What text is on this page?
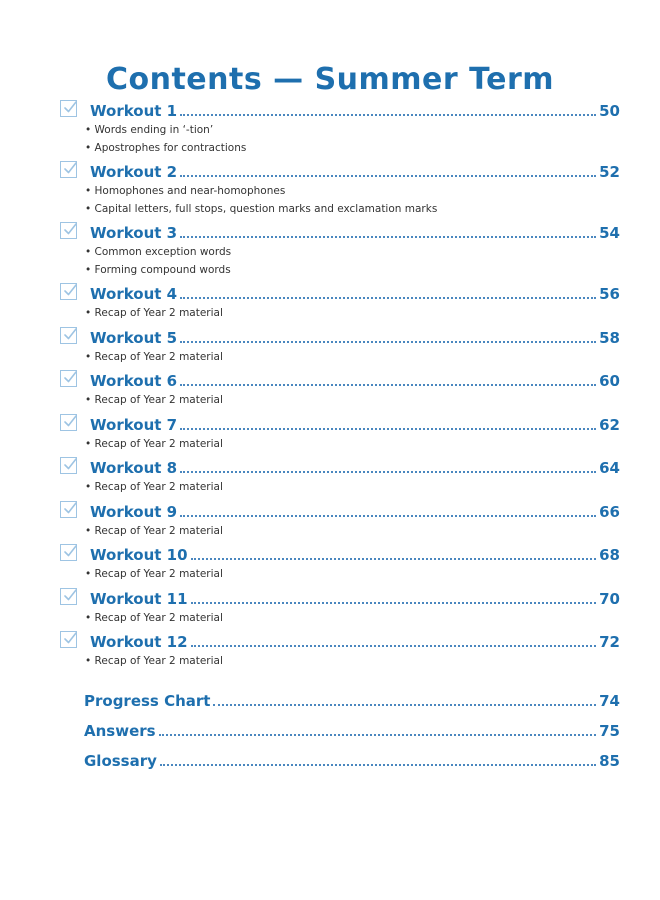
Contents — Summer Term
Workout 1	50
• Words ending in ‘-tion’
• Apostrophes for contractions
Workout 2	52
• Homophones and near-homophones
• Capital letters, full stops, question marks and exclamation marks
Workout 3	54
• Common exception words
• Forming compound words
Workout 4	56
• Recap of Year 2 material
Workout 5	58
• Recap of Year 2 material
Workout 6	60
• Recap of Year 2 material
Workout 7	62
• Recap of Year 2 material
Workout 8	64
• Recap of Year 2 material
Workout 9	66
• Recap of Year 2 material
Workout 10	68
• Recap of Year 2 material
Workout 11	70
• Recap of Year 2 material
Workout 12	72
• Recap of Year 2 material
Progress Chart	74
Answers	75
Glossary	85
